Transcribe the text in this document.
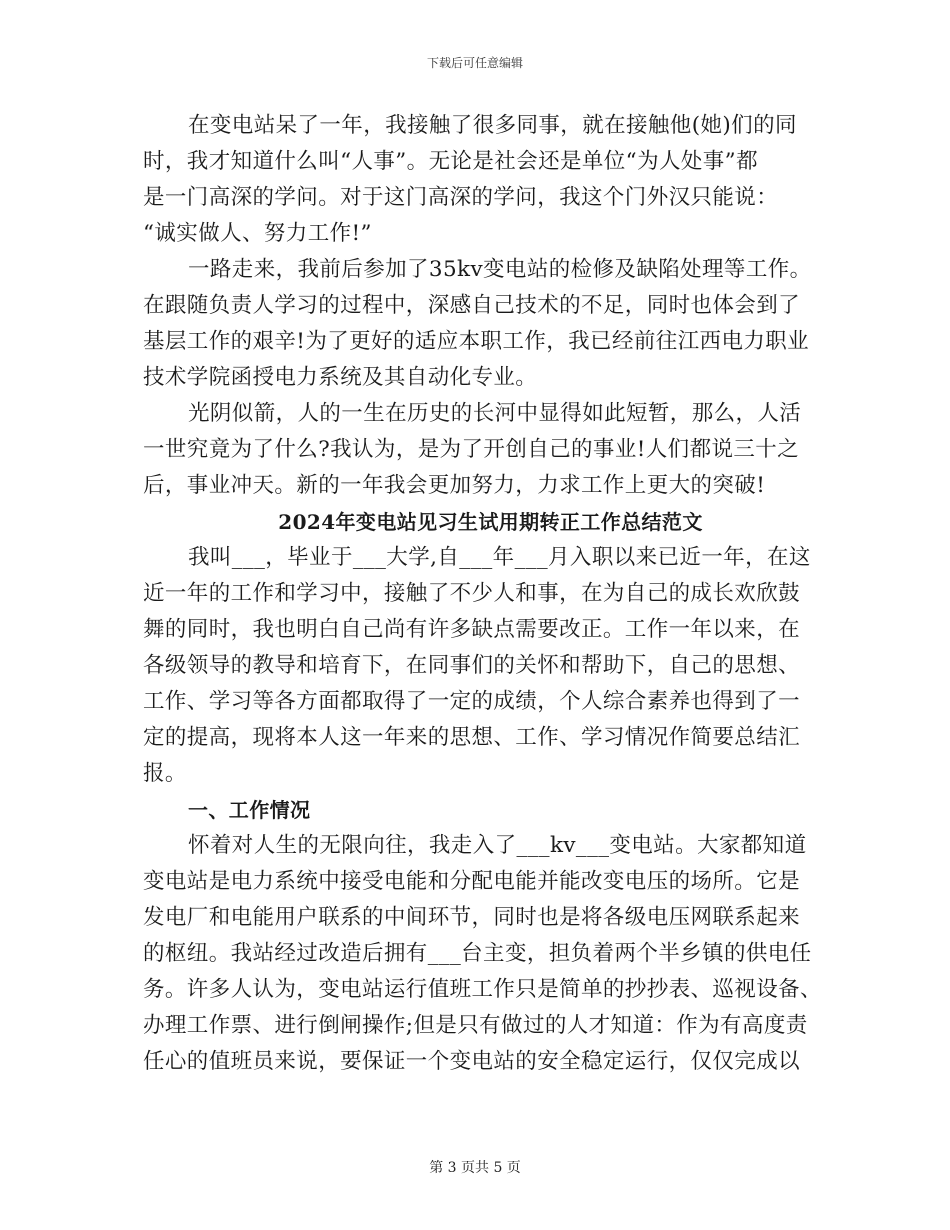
下载后可任意编辑
在变电站呆了一年，我接触了很多同事，就在接触他(她)们的同
时，我才知道什么叫“人事”。无论是社会还是单位“为人处事”都
是一门高深的学问。对于这门高深的学问，我这个门外汉只能说：
“诚实做人、努力工作!”
一路走来，我前后参加了35kv变电站的检修及缺陷处理等工作。
在跟随负责人学习的过程中，深感自己技术的不足，同时也体会到了
基层工作的艰辛!为了更好的适应本职工作，我已经前往江西电力职业
技术学院函授电力系统及其自动化专业。
光阴似箭，人的一生在历史的长河中显得如此短暂，那么，人活
一世究竟为了什么?我认为，是为了开创自己的事业!人们都说三十之
后，事业冲天。新的一年我会更加努力，力求工作上更大的突破!
2024年变电站见习生试用期转正工作总结范文
我叫___，毕业于___大学,自___年___月入职以来已近一年，在这
近一年的工作和学习中，接触了不少人和事，在为自己的成长欢欣鼓
舞的同时，我也明白自己尚有许多缺点需要改正。工作一年以来，在
各级领导的教导和培育下，在同事们的关怀和帮助下，自己的思想、
工作、学习等各方面都取得了一定的成绩，个人综合素养也得到了一
定的提高，现将本人这一年来的思想、工作、学习情况作简要总结汇
报。
一、工作情况
怀着对人生的无限向往，我走入了___kv___变电站。大家都知道
变电站是电力系统中接受电能和分配电能并能改变电压的场所。它是
发电厂和电能用户联系的中间环节，同时也是将各级电压网联系起来
的枢纽。我站经过改造后拥有___台主变，担负着两个半乡镇的供电任
务。许多人认为，变电站运行值班工作只是简单的抄抄表、巡视设备、
办理工作票、进行倒闸操作;但是只有做过的人才知道：作为有高度责
任心的值班员来说，要保证一个变电站的安全稳定运行，仅仅完成以
第 3 页共 5 页
